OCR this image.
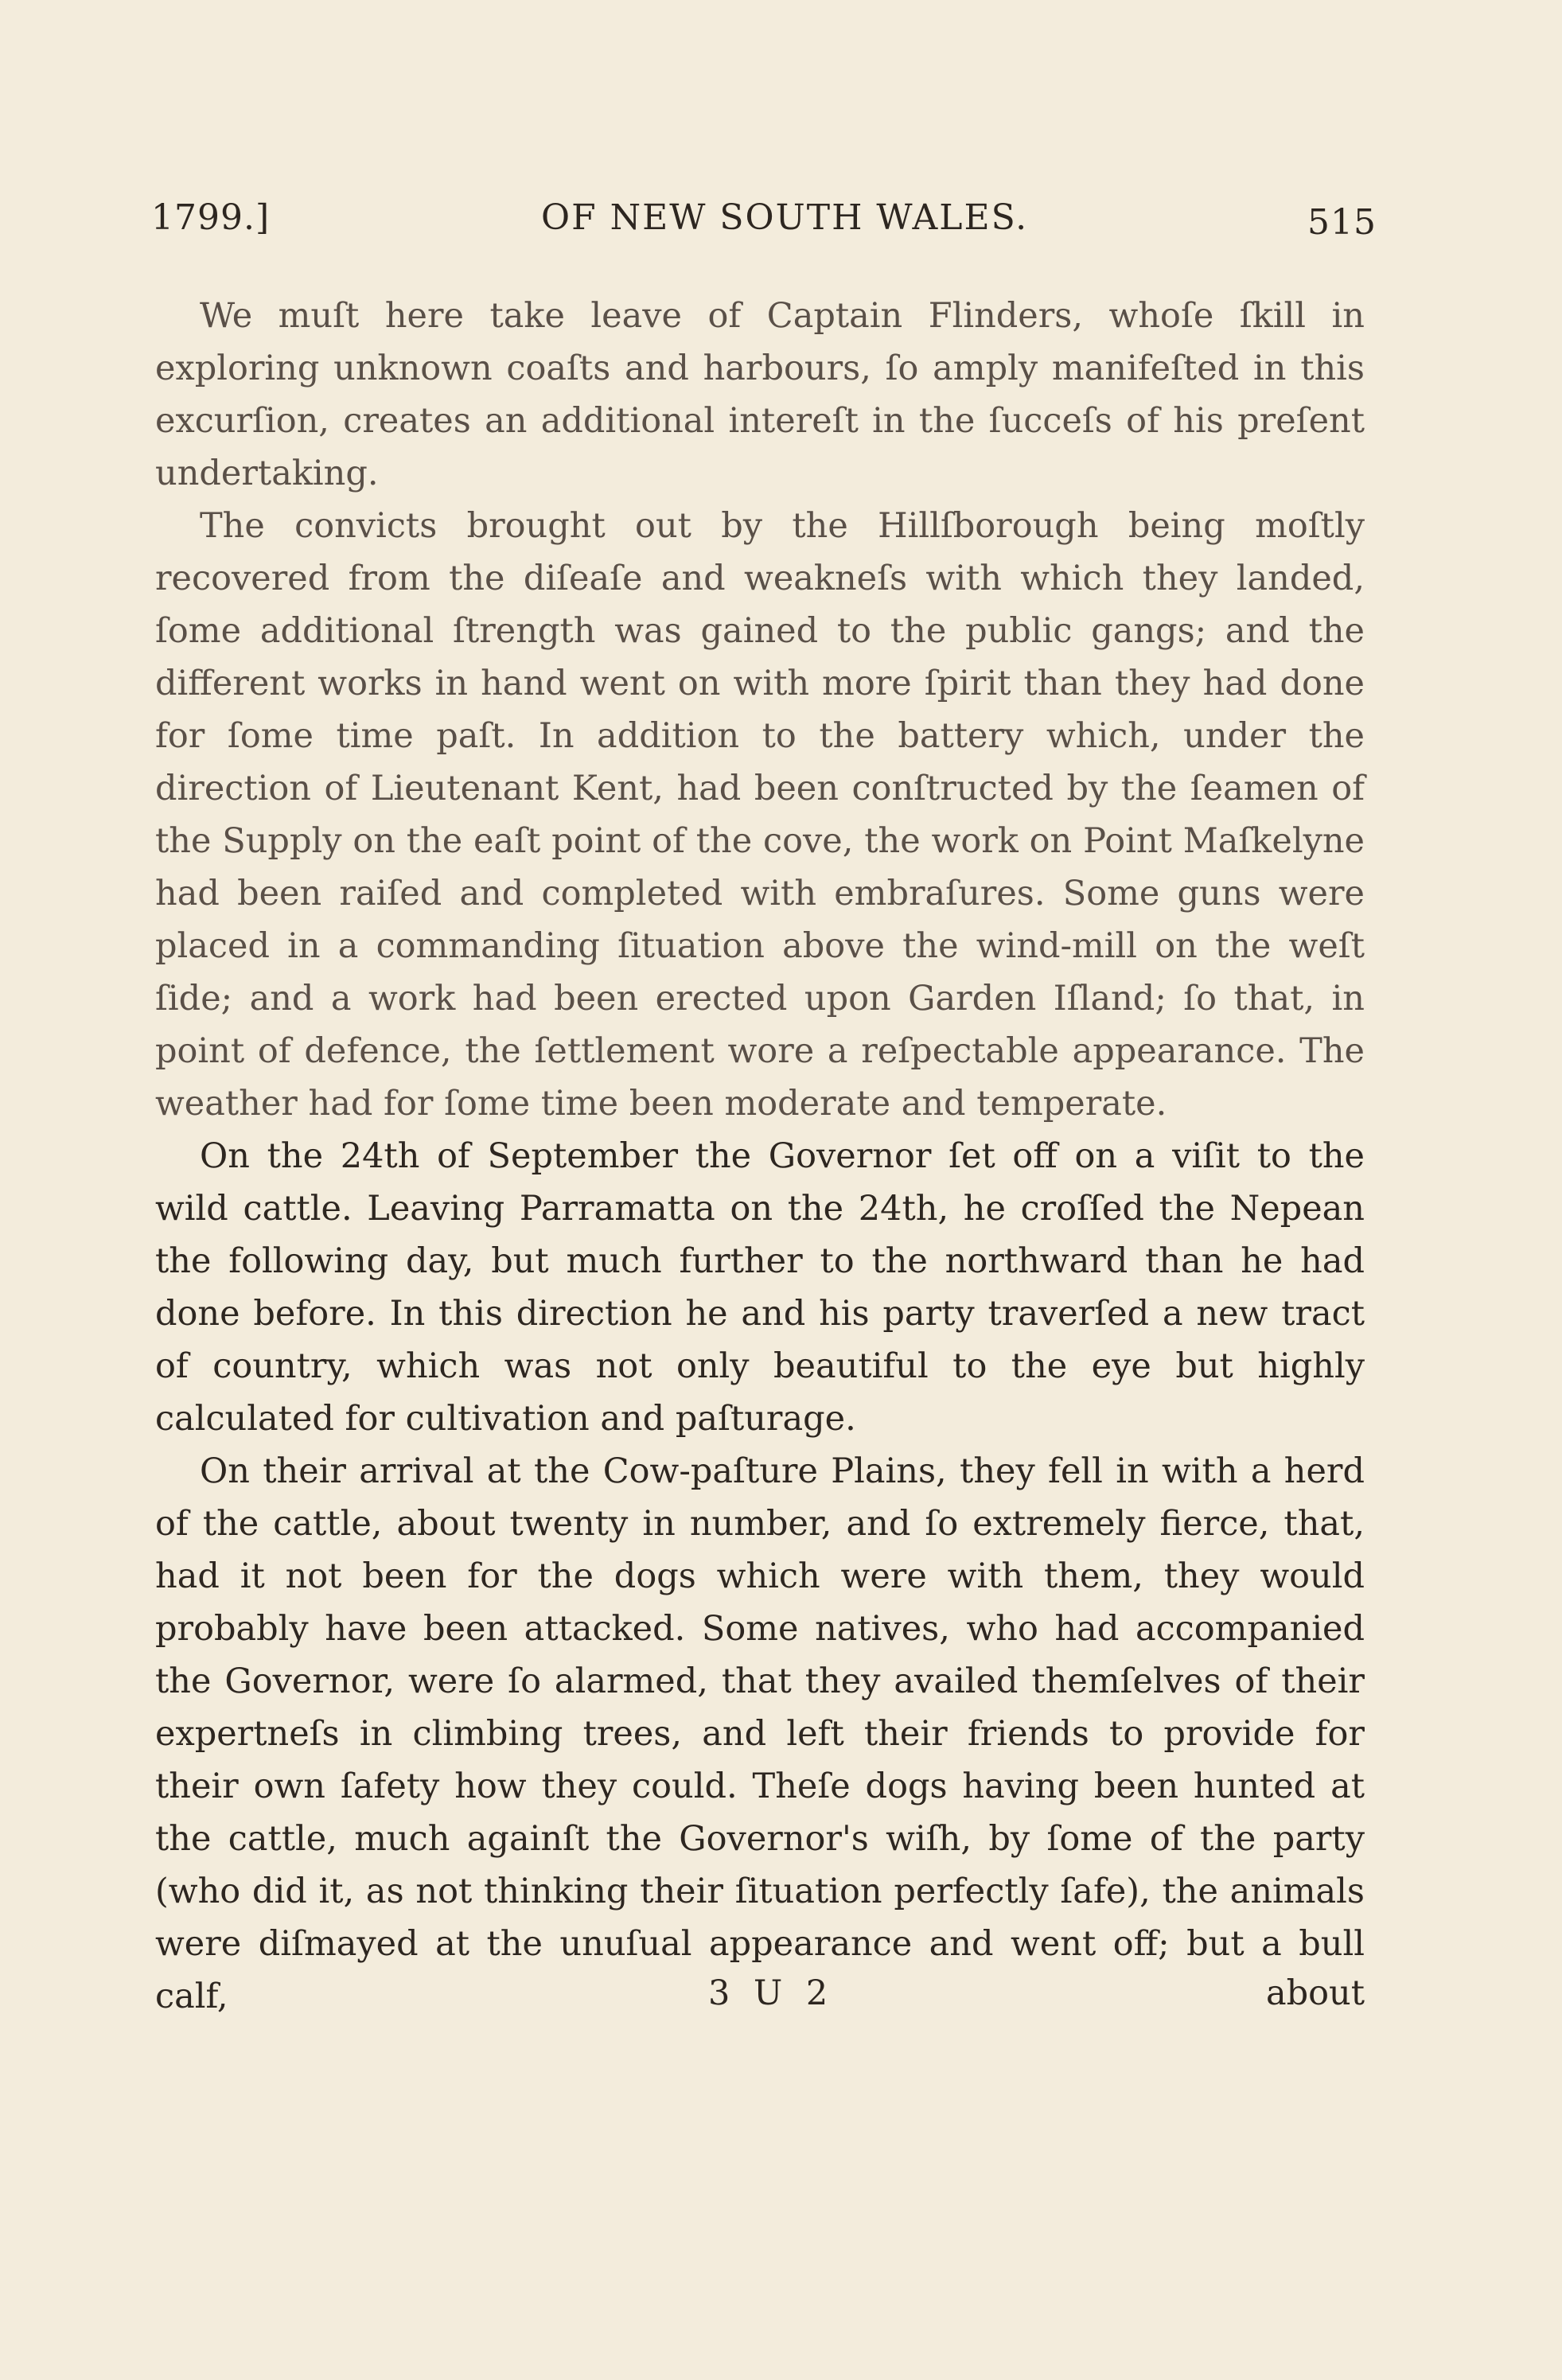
1799.]	OF NEW SOUTH WALES.	515

We muſt here take leave of Captain Flinders, whoſe ſkill in exploring unknown coaſts and harbours, ſo amply manifeſted in this excurſion, creates an additional intereſt in the ſucceſs of his preſent undertaking.

The convicts brought out by the Hillſborough being moſtly recovered from the diſeaſe and weakneſs with which they landed, ſome additional ſtrength was gained to the public gangs; and the different works in hand went on with more ſpirit than they had done for ſome time paſt. In addition to the battery which, under the direction of Lieutenant Kent, had been conſtructed by the ſeamen of the Supply on the eaſt point of the cove, the work on Point Maſkelyne had been raiſed and completed with embraſures. Some guns were placed in a commanding ſituation above the wind-mill on the weſt ſide; and a work had been erected upon Garden Iſland; ſo that, in point of defence, the ſettlement wore a reſpectable appearance. The weather had for ſome time been moderate and temperate.

On the 24th of September the Governor ſet off on a viſit to the wild cattle. Leaving Parramatta on the 24th, he croſſed the Nepean the following day, but much further to the northward than he had done before. In this direction he and his party traverſed a new tract of country, which was not only beautiful to the eye but highly calculated for cultivation and paſturage.

On their arrival at the Cow-paſture Plains, they fell in with a herd of the cattle, about twenty in number, and ſo extremely fierce, that, had it not been for the dogs which were with them, they would probably have been attacked. Some natives, who had accompanied the Governor, were ſo alarmed, that they availed themſelves of their expertneſs in climbing trees, and left their friends to provide for their own ſafety how they could. Theſe dogs having been hunted at the cattle, much againſt the Governor's wiſh, by ſome of the party (who did it, as not thinking their ſituation perfectly ſafe), the animals were diſmayed at the unuſual appearance and went off; but a bull calf,	3 U 2	about
